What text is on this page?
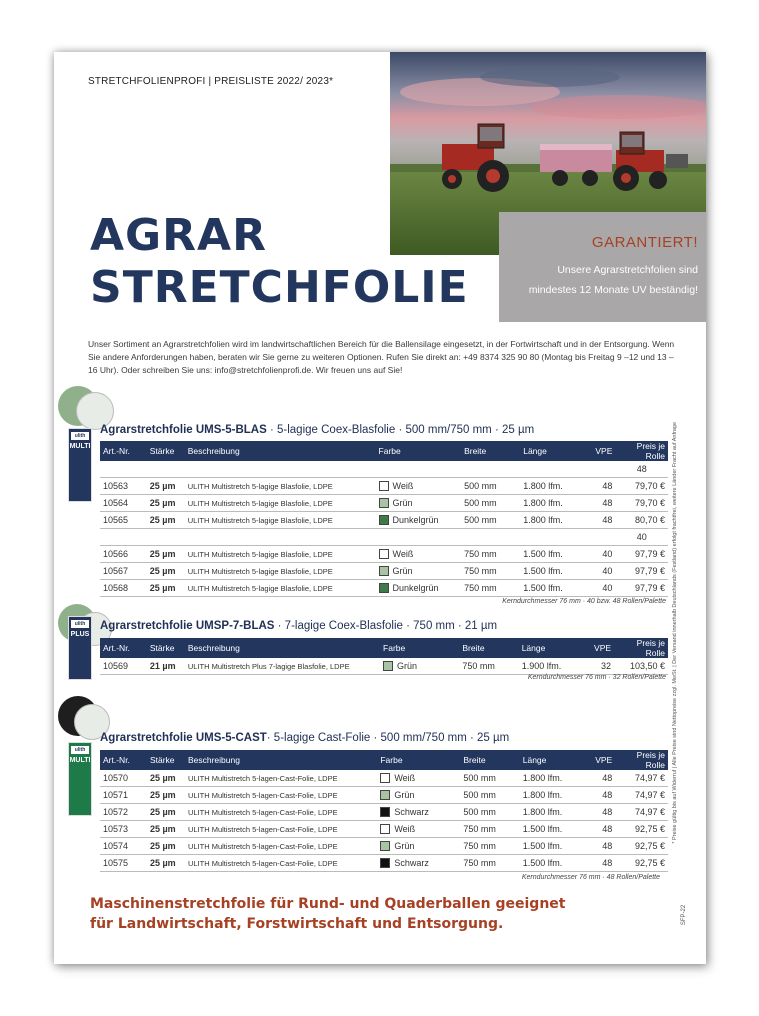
STRETCHFOLIENPROFI | PREISLISTE 2022/ 2023*
AGRAR
STRETCHFOLIE
GARANTIERT!
Unsere Agrarstretchfolien sind
mindestes 12 Monate UV beständig!
Unser Sortiment an Agrarstretchfolien wird im landwirtschaftlichen Bereich für die Ballensilage eingesetzt, in der Fortwirtschaft und in der Entsorgung. Wenn Sie andere Anforderungen haben, beraten wir Sie gerne zu weiteren Optionen. Rufen Sie direkt an: +49 8374 325 90 80 (Montag bis Freitag 9 –12 und 13 –16 Uhr). Oder schreiben Sie uns: info@stretchfolienprofi.de. Wir freuen uns auf Sie!
* Preise gültig bis auf Widerruf | Alle Preise sind Nettopreise zzgl. MwSt. | Der Versand innerhalb Deutschlands (Festland) erfolgt frachtfrei, weitere Länder Fracht auf Anfrage
SFP-22
ulith
MULTI
Agrarstretchfolie UMS-5-BLAS · 5-lagige Coex-Blasfolie · 500 mm/750 mm · 25 µm
Art.-Nr.	Stärke	Beschreibung	Farbe	Breite	Länge	VPE	Preis je Rolle
							48
10563	25 µm	ULITH Multistretch 5-lagige Blasfolie, LDPE	Weiß	500 mm	1.800 lfm.	48	79,70 €
10564	25 µm	ULITH Multistretch 5-lagige Blasfolie, LDPE	Grün	500 mm	1.800 lfm.	48	79,70 €
10565	25 µm	ULITH Multistretch 5-lagige Blasfolie, LDPE	Dunkelgrün	500 mm	1.800 lfm.	48	80,70 €
							40
10566	25 µm	ULITH Multistretch 5-lagige Blasfolie, LDPE	Weiß	750 mm	1.500 lfm.	40	97,79 €
10567	25 µm	ULITH Multistretch 5-lagige Blasfolie, LDPE	Grün	750 mm	1.500 lfm.	40	97,79 €
10568	25 µm	ULITH Multistretch 5-lagige Blasfolie, LDPE	Dunkelgrün	750 mm	1.500 lfm.	40	97,79 €
Kerndurchmesser 76 mm · 40 bzw. 48 Rollen/Palette
ulith
PLUS
Agrarstretchfolie UMSP-7-BLAS · 7-lagige Coex-Blasfolie · 750 mm · 21 µm
Art.-Nr.	Stärke	Beschreibung	Farbe	Breite	Länge	VPE	Preis je Rolle
10569	21 µm	ULITH Multistretch Plus 7-lagige Blasfolie, LDPE	Grün	750 mm	1.900 lfm.	32	103,50 €
Kerndurchmesser 76 mm · 32 Rollen/Palette
ulith
MULTI
Agrarstretchfolie UMS-5-CAST· 5-lagige Cast-Folie · 500 mm/750 mm · 25 µm
Art.-Nr.	Stärke	Beschreibung	Farbe	Breite	Länge	VPE	Preis je Rolle
10570	25 µm	ULITH Multistretch 5-lagen-Cast-Folie, LDPE	Weiß	500 mm	1.800 lfm.	48	74,97 €
10571	25 µm	ULITH Multistretch 5-lagen-Cast-Folie, LDPE	Grün	500 mm	1.800 lfm.	48	74,97 €
10572	25 µm	ULITH Multistretch 5-lagen-Cast-Folie, LDPE	Schwarz	500 mm	1.800 lfm.	48	74,97 €
10573	25 µm	ULITH Multistretch 5-lagen-Cast-Folie, LDPE	Weiß	750 mm	1.500 lfm.	48	92,75 €
10574	25 µm	ULITH Multistretch 5-lagen-Cast-Folie, LDPE	Grün	750 mm	1.500 lfm.	48	92,75 €
10575	25 µm	ULITH Multistretch 5-lagen-Cast-Folie, LDPE	Schwarz	750 mm	1.500 lfm.	48	92,75 €
Kerndurchmesser 76 mm · 48 Rollen/Palette
Maschinenstretchfolie für Rund- und Quaderballen geeignet
für Landwirtschaft, Forstwirtschaft und Entsorgung.
